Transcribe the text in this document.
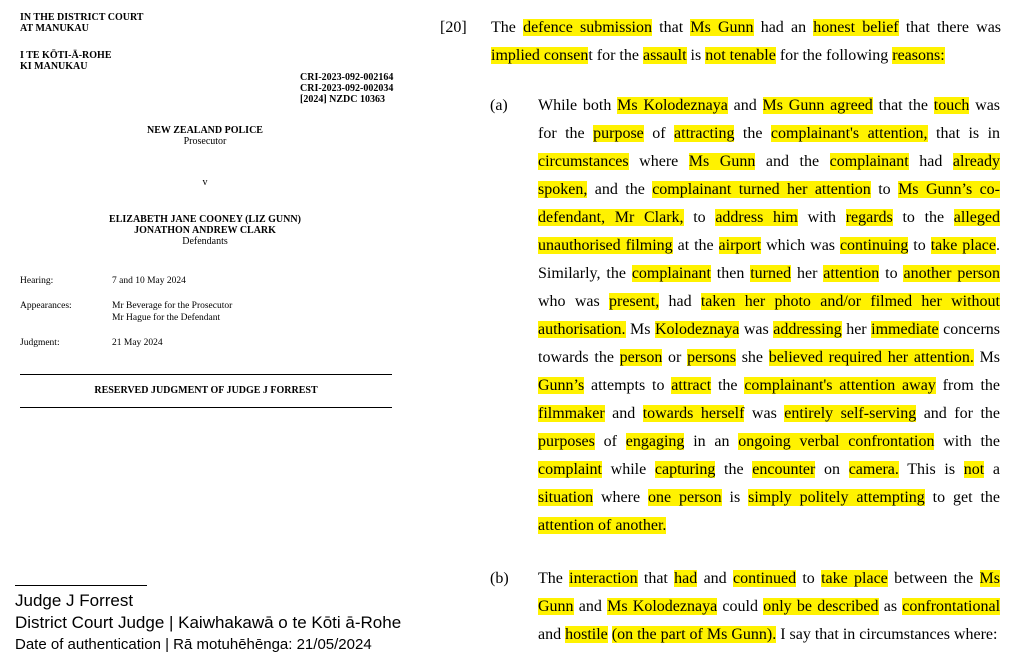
IN THE DISTRICT COURT
AT MANUKAU
I TE KŌTI-Ā-ROHE
KI MANUKAU
CRI-2023-092-002164
CRI-2023-092-002034
[2024] NZDC 10363
NEW ZEALAND POLICE
Prosecutor
v
ELIZABETH JANE COONEY (LIZ GUNN)
JONATHON ANDREW CLARK
Defendants
Hearing:	7 and 10 May 2024
Appearances:	Mr Beverage for the Prosecutor
Mr Hague for the Defendant
Judgment:	21 May 2024
RESERVED JUDGMENT OF JUDGE J FORREST
Judge J Forrest
District Court Judge | Kaiwhakawā o te Kōti ā-Rohe
Date of authentication | Rā motuhēhēnga: 21/05/2024
[20] The defence submission that Ms Gunn had an honest belief that there was implied consent for the assault is not tenable for the following reasons:
(a) While both Ms Kolodeznaya and Ms Gunn agreed that the touch was for the purpose of attracting the complainant's attention, that is in circumstances where Ms Gunn and the complainant had already spoken, and the complainant turned her attention to Ms Gunn’s co-defendant, Mr Clark, to address him with regards to the alleged unauthorised filming at the airport which was continuing to take place. Similarly, the complainant then turned her attention to another person who was present, had taken her photo and/or filmed her without authorisation. Ms Kolodeznaya was addressing her immediate concerns towards the person or persons she believed required her attention. Ms Gunn’s attempts to attract the complainant's attention away from the filmmaker and towards herself was entirely self-serving and for the purposes of engaging in an ongoing verbal confrontation with the complaint while capturing the encounter on camera. This is not a situation where one person is simply politely attempting to get the attention of another.
(b) The interaction that had and continued to take place between the Ms Gunn and Ms Kolodeznaya could only be described as confrontational and hostile (on the part of Ms Gunn). I say that in circumstances where:
